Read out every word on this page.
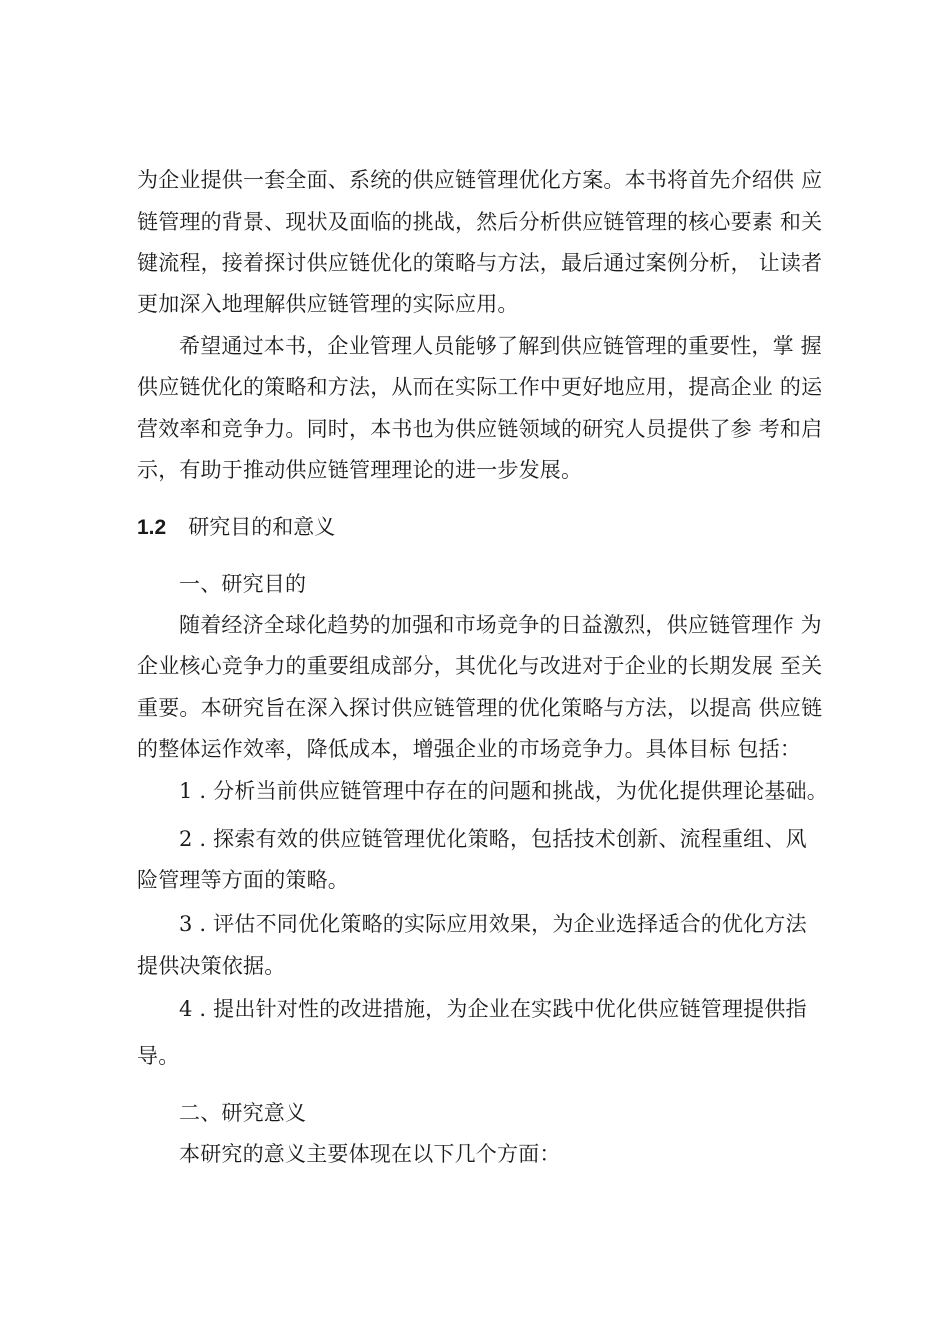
为企业提供一套全面、系统的供应链管理优化方案。本书将首先介绍供 应
链管理的背景、现状及面临的挑战，然后分析供应链管理的核心要素 和关
键流程，接着探讨供应链优化的策略与方法，最后通过案例分析， 让读者
更加深入地理解供应链管理的实际应用。
希望通过本书，企业管理人员能够了解到供应链管理的重要性，掌 握
供应链优化的策略和方法，从而在实际工作中更好地应用，提高企业 的运
营效率和竞争力。同时，本书也为供应链领域的研究人员提供了参 考和启
示，有助于推动供应链管理理论的进一步发展。
1.2 研究目的和意义
一、研究目的
随着经济全球化趋势的加强和市场竞争的日益激烈，供应链管理作 为
企业核心竞争力的重要组成部分，其优化与改进对于企业的长期发展 至关
重要。本研究旨在深入探讨供应链管理的优化策略与方法，以提高 供应链
的整体运作效率，降低成本，增强企业的市场竞争力。具体目标 包括：
1 . 分析当前供应链管理中存在的问题和挑战，为优化提供理论基础。
2 . 探索有效的供应链管理优化策略，包括技术创新、流程重组、风
险管理等方面的策略。
3 . 评估不同优化策略的实际应用效果，为企业选择适合的优化方法
提供决策依据。
4 . 提出针对性的改进措施，为企业在实践中优化供应链管理提供指
导。
二、研究意义
本研究的意义主要体现在以下几个方面：
